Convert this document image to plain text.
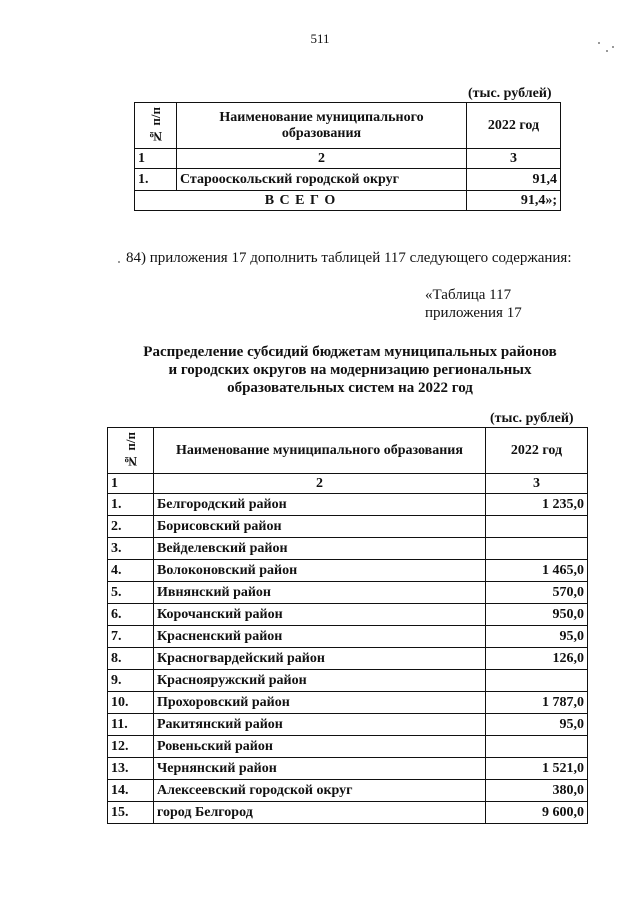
511
(тыс. рублей)
№ п/п	Наименование муниципального образования	2022 год
1	2	3
1.	Старооскольский городской округ	91,4
В С Е Г О		91,4»;
84) приложения 17 дополнить таблицей 117 следующего содержания:
«Таблица 117
приложения 17
Распределение субсидий бюджетам муниципальных районов
и городских округов на модернизацию региональных
образовательных систем на 2022 год
(тыс. рублей)
№ п/п	Наименование муниципального образования	2022 год
1	2	3
1.	Белгородский район	1 235,0
2.	Борисовский район	
3.	Вейделевский район	
4.	Волоконовский район	1 465,0
5.	Ивнянский район	570,0
6.	Корочанский район	950,0
7.	Красненский район	95,0
8.	Красногвардейский район	126,0
9.	Краснояружский район	
10.	Прохоровский район	1 787,0
11.	Ракитянский район	95,0
12.	Ровеньский район	
13.	Чернянский район	1 521,0
14.	Алексеевский городской округ	380,0
15.	город Белгород	9 600,0
